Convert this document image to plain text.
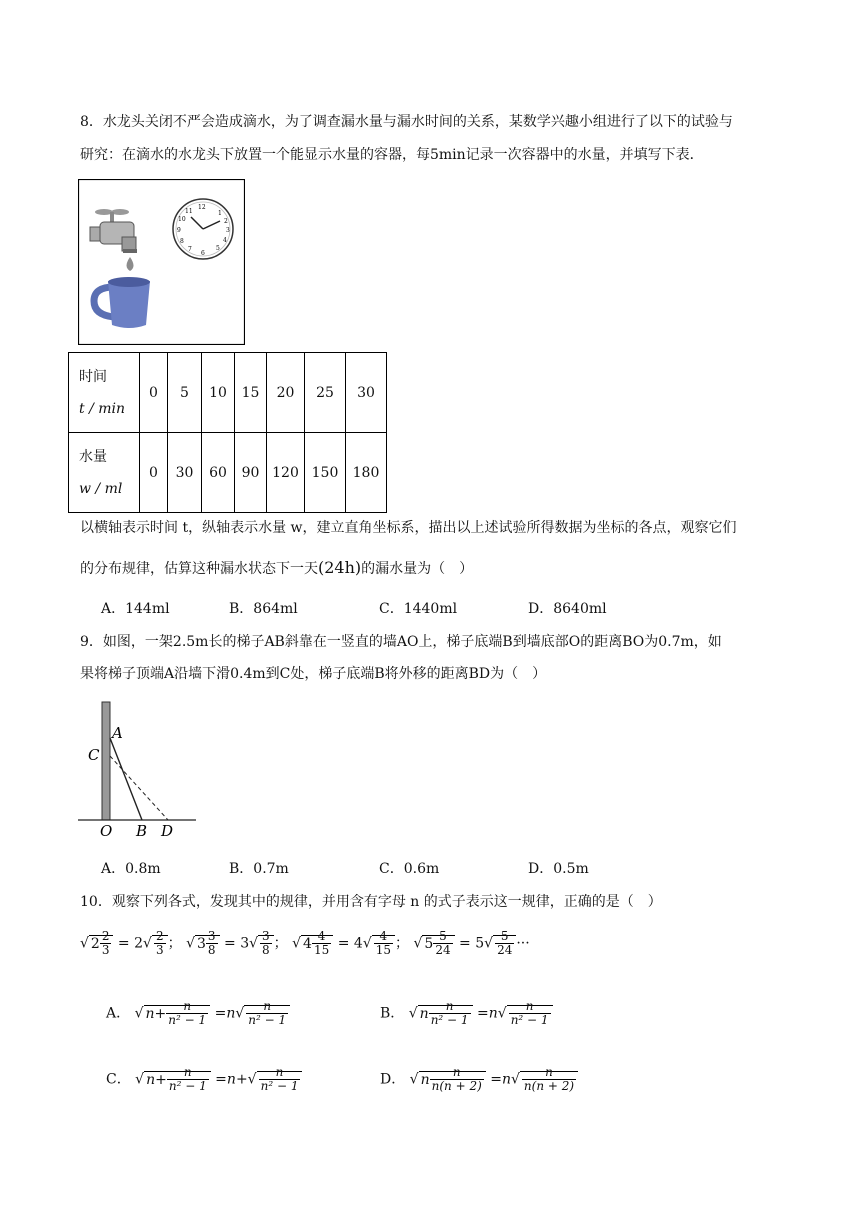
8．水龙头关闭不严会造成滴水，为了调查漏水量与漏水时间的关系，某数学兴趣小组进行了以下的试验与
研究：在滴水的水龙头下放置一个能显示水量的容器，每5min记录一次容器中的水量，并填写下表．
12
1
2
3
4
5
6
7
8
9
10
11
时间
t / min	0	5	10	15	20	25	30

水量
w / ml	0	30	60	90	120	150	180
以横轴表示时间 t，纵轴表示水量 w，建立直角坐标系，描出以上述试验所得数据为坐标的各点，观察它们
的分布规律，估算这种漏水状态下一天(24h)的漏水量为（　）
A．144ml	B．864ml	C．1440ml	D．8640ml
9．如图，一架2.5m长的梯子AB斜靠在一竖直的墙AO上，梯子底端B到墙底部O的距离BO为0.7m，如
果将梯子顶端A沿墙下滑0.4m到C处，梯子底端B将外移的距离BD为（　）
A
C
O B D
A．0.8m	B．0.7m	C．0.6m	D．0.5m
10．观察下列各式，发现其中的规律，并用含有字母 n 的式子表示这一规律，正确的是（　）
√ $2 \frac{2}{3} = 2√ \frac{2}{3}$ ； √ $3 \frac{3}{8} = 3√ \frac{3}{8}$ ； √ $4 \frac{4}{15} = 4√ \frac{4}{15}$ ； √ $5 \frac{5}{24} = 5√ \frac{5}{24}$ ···
A． √ $n+ \frac{n}{\text{n² − 1}} =n√ \frac{n}{\text{n² − 1}}$	B． √ n $\frac{n}{\text{n² − 1}} =n√ \frac{n}{\text{n² − 1}}$
C． √ $n+ \frac{n}{\text{n² − 1}} =n+√ \frac{n}{\text{n² − 1}}$	D． √ n $\frac{n}{n(n + 2)} =n√ \frac{n}{n(n + 2)}$
